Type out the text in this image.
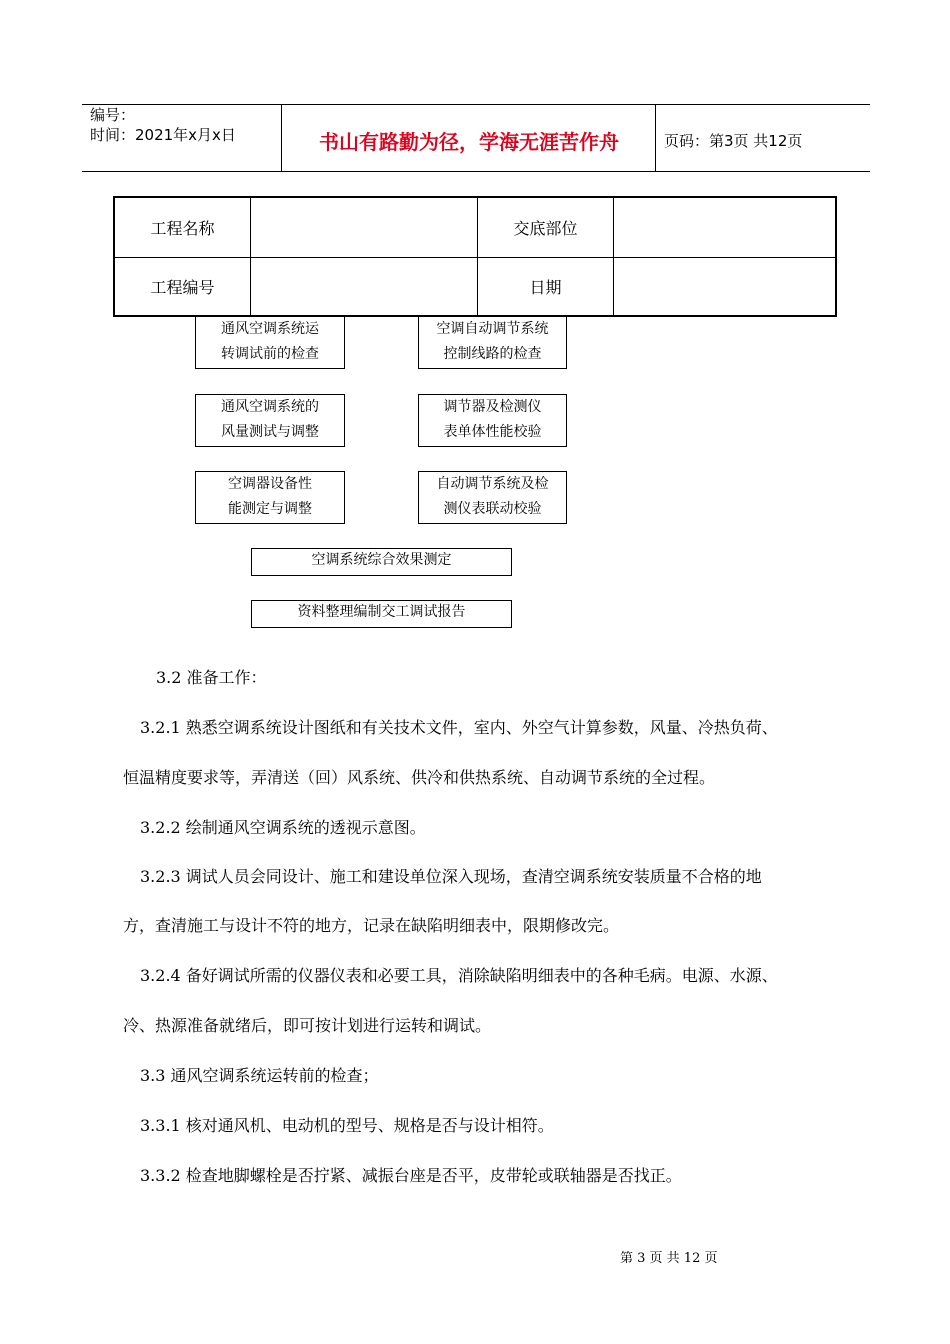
编号：
时间：2021年x月x日	书山有路勤为径，学海无涯苦作舟	页码：第3页 共12页
工程名称		交底部位	
工程编号		日期	
通风空调系统运
转调试前的检查
空调自动调节系统
控制线路的检查
通风空调系统的
风量测试与调整
调节器及检测仪
表单体性能校验
空调器设备性
能测定与调整
自动调节系统及检
测仪表联动校验
空调系统综合效果测定
资料整理编制交工调试报告
3.2 准备工作：
3.2.1 熟悉空调系统设计图纸和有关技术文件，室内、外空气计算参数，风量、冷热负荷、
恒温精度要求等，弄清送（回）风系统、供冷和供热系统、自动调节系统的全过程。
3.2.2 绘制通风空调系统的透视示意图。
3.2.3 调试人员会同设计、施工和建设单位深入现场，查清空调系统安装质量不合格的地
方，查清施工与设计不符的地方，记录在缺陷明细表中，限期修改完。
3.2.4 备好调试所需的仪器仪表和必要工具，消除缺陷明细表中的各种毛病。电源、水源、
冷、热源准备就绪后，即可按计划进行运转和调试。
3.3 通风空调系统运转前的检查；
3.3.1 核对通风机、电动机的型号、规格是否与设计相符。
3.3.2 检查地脚螺栓是否拧紧、减振台座是否平，皮带轮或联轴器是否找正。
第 3 页 共 12 页
